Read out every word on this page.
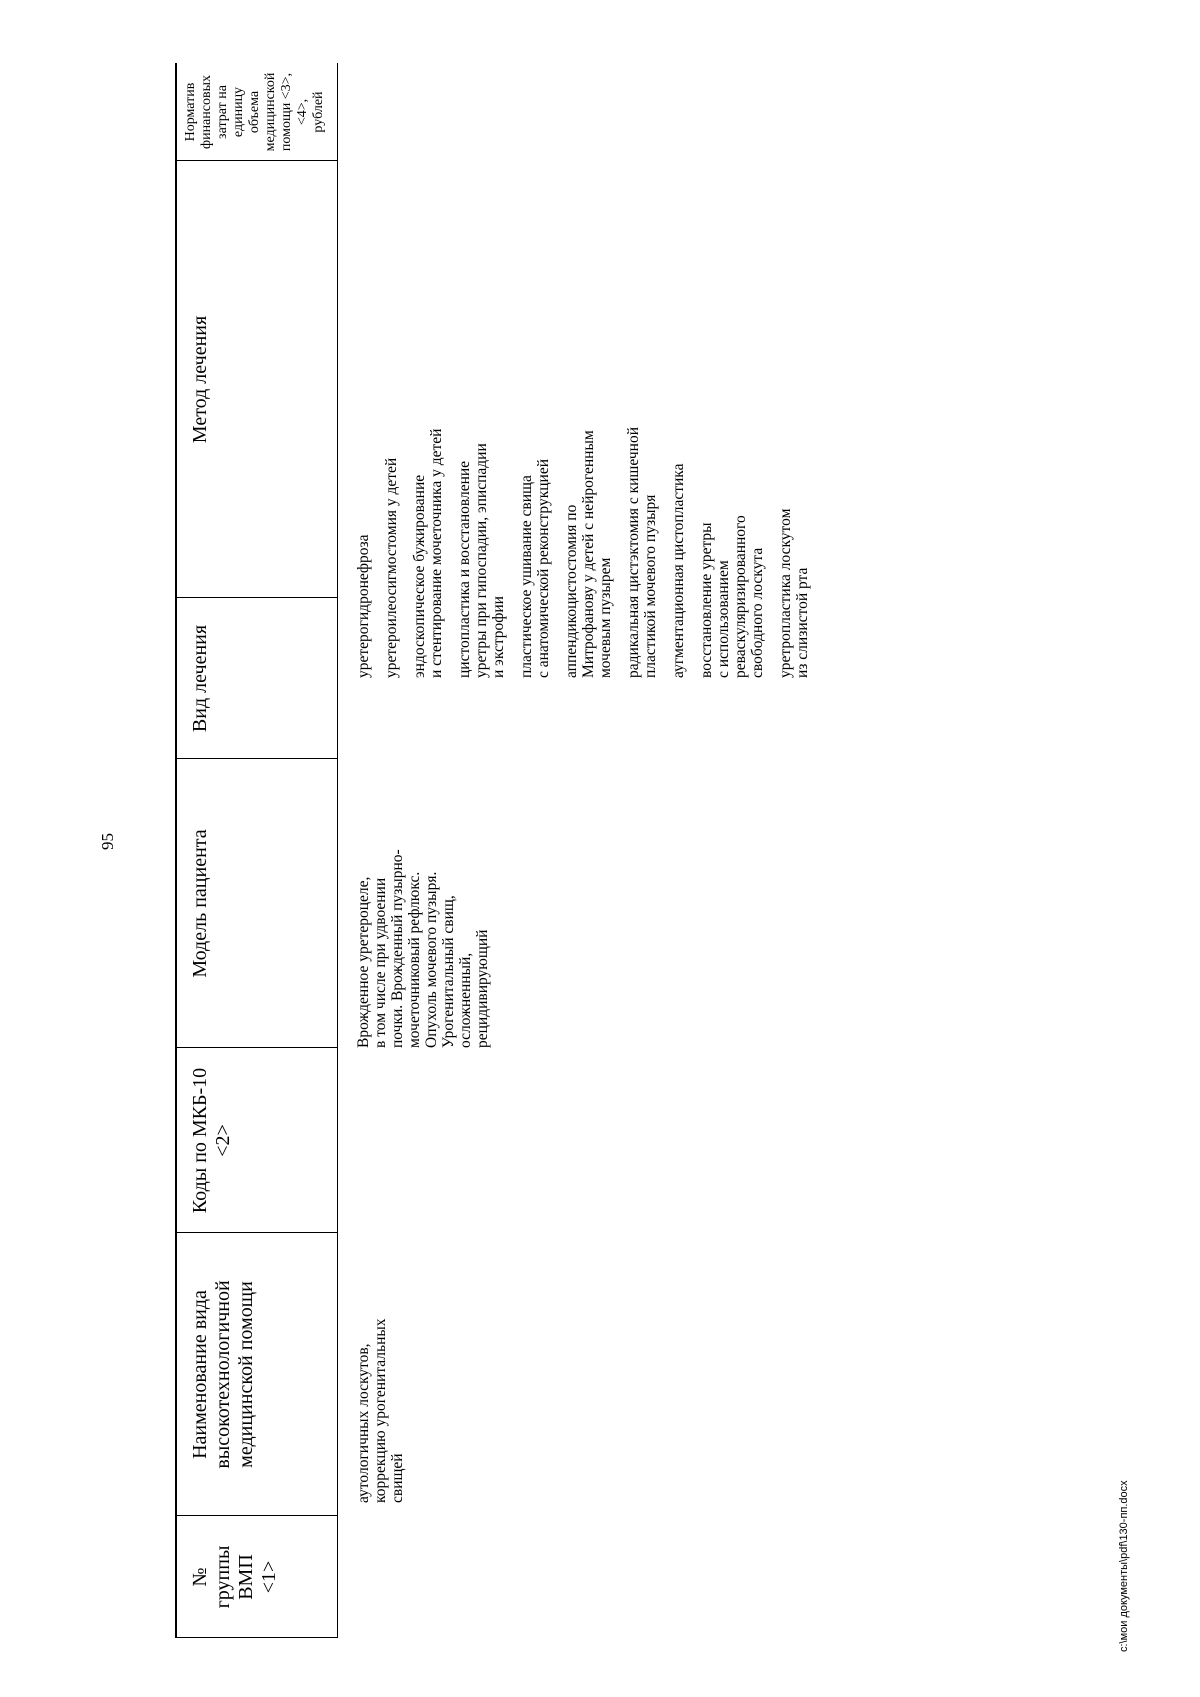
95
№
группы
ВМП
<1>
Наименование вида
высокотехнологичной
медицинской помощи
Коды по МКБ-10
<2>
Модель пациента
Вид лечения
Метод лечения
Норматив
финансовых
затрат на единицу
объема
медицинской
помощи <3>, <4>,
рублей
аутологичных лоскутов,
коррекцию урогенитальных
свищей
Врожденное уретероцеле,
в том числе при удвоении
почки. Врожденный пузырно-
мочеточниковый рефлюкс.
Опухоль мочевого пузыря.
Урогенитальный свищ,
осложненный,
рецидивирующий
уретерогидронефроза уретероилеосигмостомия у детей эндоскопическое бужирование
и стентирование мочеточника у детей
цистопластика и восстановление
уретры при гипоспадии, эписпадии
и экстрофии пластическое ушивание свища
с анатомической реконструкцией
аппендикоцистостомия по
Митрофанову у детей с нейрогенным
мочевым пузырем
радикальная цистэктомия с кишечной
пластикой мочевого пузыря аугментационная цистопластика восстановление уретры
с использованием
реваскуляризированного
свободного лоскута
уретропластика лоскутом
из слизистой рта
c:\мои документы\pdf\130-пп.docx
